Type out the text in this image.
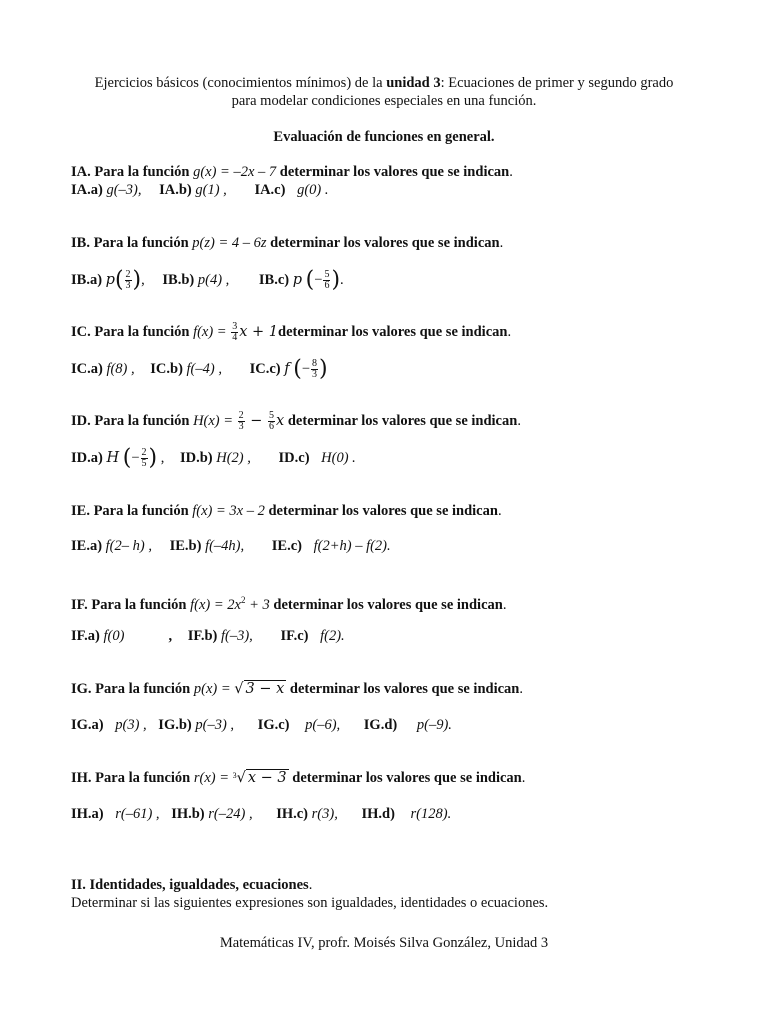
Ejercicios básicos (conocimientos mínimos) de la unidad 3: Ecuaciones de primer y segundo grado
para modelar condiciones especiales en una función.
Evaluación de funciones en general.
IA. Para la función g(x) = –2x – 7 determinar los valores que se indican.
IA.a) g(–3), IA.b) g(1) , IA.c) g(0) .
IB. Para la función p(z) = 4 – 6z determinar los valores que se indican.
IB.a) $p( \frac{2}{3}$ ), IB.b) p(4) , IB.c) p (− $\frac{5}{6}$ ).
IC. Para la función $f(x) = \frac{3}{4}$ x + 1determinar los valores que se indican.
IC.a) f(8) , IC.b) f(–4) , IC.c) f (− $\frac{8}{3}$ )
ID. Para la función $H(x) = \frac{2}{3} - \frac{5}{6}$ x determinar los valores que se indican.
ID.a) H (− $\frac{2}{5}$ ) , ID.b) H(2) , ID.c) H(0) .
IE. Para la función f(x) = 3x – 2 determinar los valores que se indican.
IE.a) f(2– h) , IE.b) f(–4h), IE.c) f(2+h) – f(2).
IF. Para la función $f(x) = 2x^2 + 3$ determinar los valores que se indican.
IF.a) f(0)	, IF.b) f(–3), IF.c) f(2).
IG. Para la función p(x) = √ 3 − x determinar los valores que se indican.
IG.a) p(3) , IG.b) p(–3) , IG.c) p(–6), IG.d) p(–9).
IH. Para la función r(x) = $^3$√ x − 3 determinar los valores que se indican.
IH.a) r(–61) , IH.b) r(–24) , IH.c) r(3), IH.d) r(128).
II. Identidades, igualdades, ecuaciones.
Determinar si las siguientes expresiones son igualdades, identidades o ecuaciones.
Matemáticas IV, profr. Moisés Silva González, Unidad 3
